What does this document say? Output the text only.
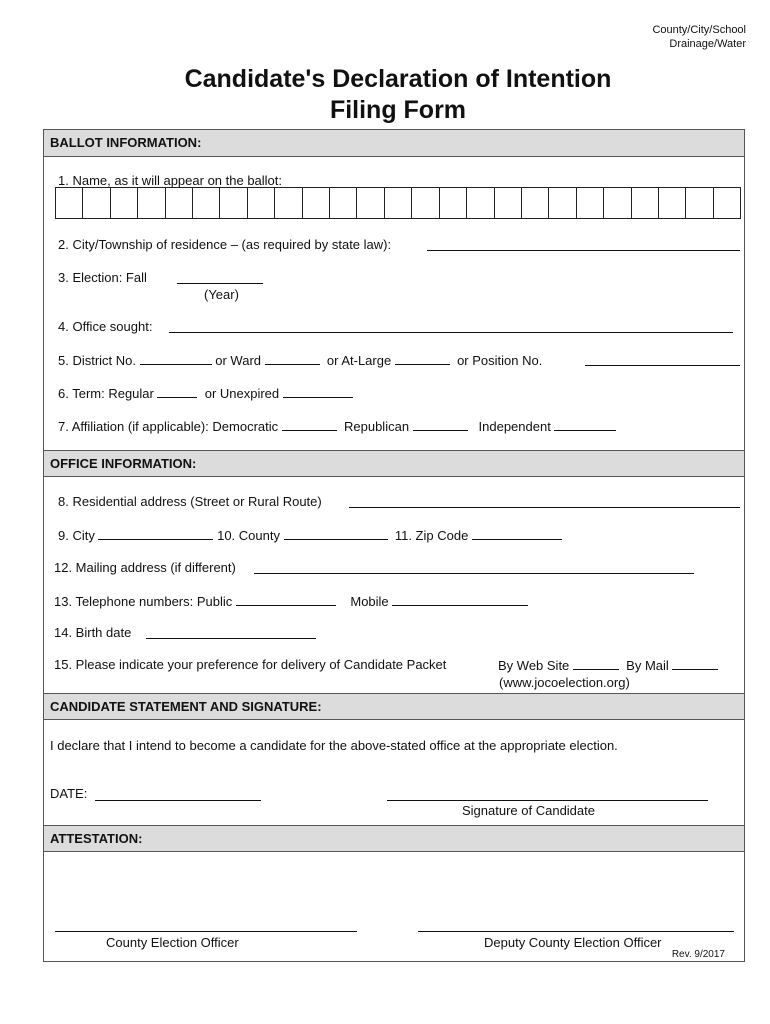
County/City/School
Drainage/Water
Candidate's Declaration of Intention
Filing Form
BALLOT INFORMATION:
1. Name, as it will appear on the ballot:
2. City/Township of residence – (as required by state law):
3. Election: Fall
(Year)
4. Office sought:
5. District No.	or Ward	or At-Large	or Position No.
6. Term: Regular	or Unexpired
7. Affiliation (if applicable): Democratic	Republican	Independent
OFFICE INFORMATION:
8. Residential address (Street or Rural Route)
9. City	10. County	11. Zip Code
12. Mailing address (if different)
13. Telephone numbers: Public	Mobile
14. Birth date
15. Please indicate your preference for delivery of Candidate Packet	By Web Site	By Mail
(www.jocoelection.org)
CANDIDATE STATEMENT AND SIGNATURE:
I declare that I intend to become a candidate for the above-stated office at the appropriate election.
DATE:
Signature of Candidate
ATTESTATION:
County Election Officer	Deputy County Election Officer
Rev. 9/2017
